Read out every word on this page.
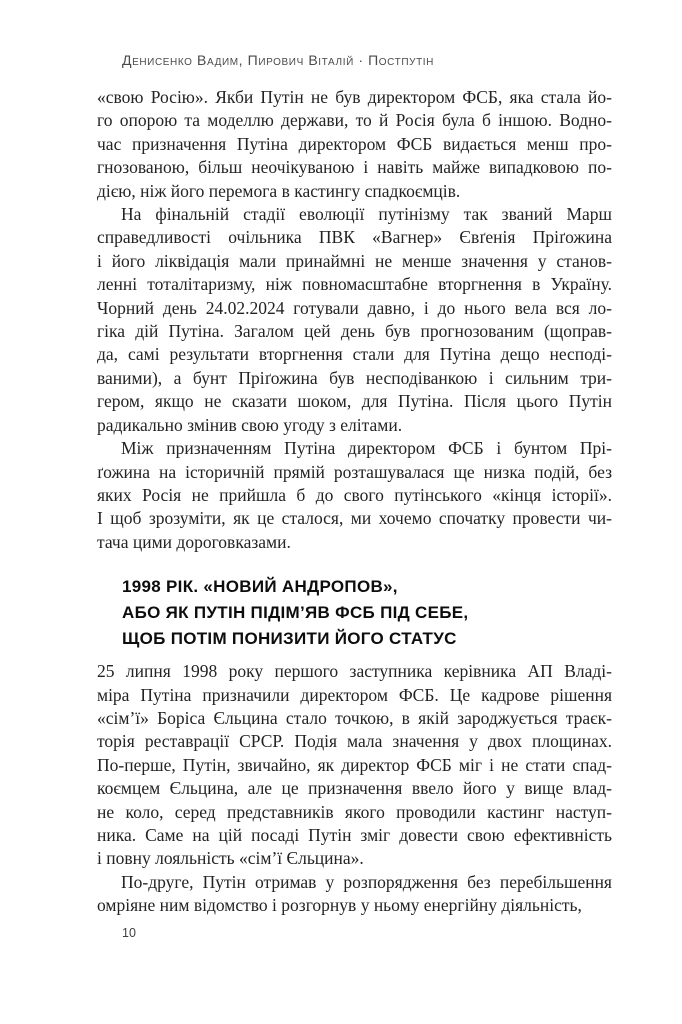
Денисенко Вадим, Пирович Віталій · Постпутін
«свою Росію». Якби Путін не був директором ФСБ, яка стала йо-
го опорою та моделлю держави, то й Росія була б іншою. Водно-
час призначення Путіна директором ФСБ видається менш про-
гнозованою, більш неочікуваною і навіть майже випадковою по-
дією, ніж його перемога в кастингу спадкоємців.
На фінальній стадії еволюції путінізму так званий Марш
справедливості очільника ПВК «Вагнер» Євґенія Пріґожина
і його ліквідація мали принаймні не менше значення у станов-
ленні тоталітаризму, ніж повномасштабне вторгнення в Україну.
Чорний день 24.02.2024 готували давно, і до нього вела вся ло-
гіка дій Путіна. Загалом цей день був прогнозованим (щоправ-
да, самі результати вторгнення стали для Путіна дещо несподі-
ваними), а бунт Пріґожина був несподіванкою і сильним три-
гером, якщо не сказати шоком, для Путіна. Після цього Путін
радикально змінив свою угоду з елітами.
Між призначенням Путіна директором ФСБ і бунтом Прі-
ґожина на історичній прямій розташувалася ще низка подій, без
яких Росія не прийшла б до свого путінського «кінця історії».
І щоб зрозуміти, як це сталося, ми хочемо спочатку провести чи-
тача цими дороговказами.
1998 РІК. «НОВИЙ АНДРОПОВ»,
АБО ЯК ПУТІН ПІДІМ’ЯВ ФСБ ПІД СЕБЕ,
ЩОБ ПОТІМ ПОНИЗИТИ ЙОГО СТАТУС
25 липня 1998 року першого заступника керівника АП Владі-
міра Путіна призначили директором ФСБ. Це кадрове рішення
«сім’ї» Боріса Єльцина стало точкою, в якій зароджується траєк-
торія реставрації СРСР. Подія мала значення у двох площинах.
По-перше, Путін, звичайно, як директор ФСБ міг і не стати спад-
коємцем Єльцина, але це призначення ввело його у вище влад-
не коло, серед представників якого проводили кастинг наступ-
ника. Саме на цій посаді Путін зміг довести свою ефективність
і повну лояльність «сім’ї Єльцина».
По-друге, Путін отримав у розпорядження без перебільшення
омріяне ним відомство і розгорнув у ньому енергійну діяльність,
10
